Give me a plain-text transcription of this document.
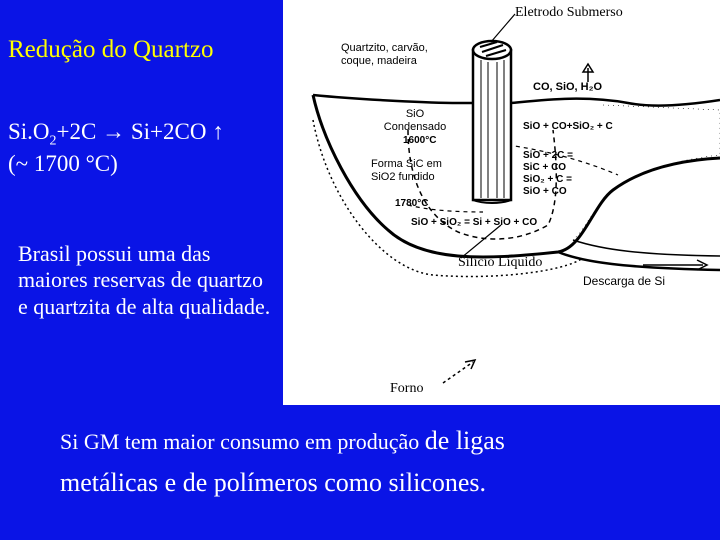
Redução do Quartzo
$Si.O_2+2C \to Si+2CO$ ↑
(~ 1700 °C)
Brasil possui uma das maiores reservas de quartzo e quartzita de alta qualidade.
Eletrodo Submerso
Quartzito, carvão,
coque, madeira
CO, SiO, H₂O
SiO
Condensado
1600°C
SiO + CO+SiO₂ + C
Forma SiC em
SiO2 fundido
SiO + 2C =
SiC + CO
SiO₂ + C =
SiO + CO
1780°C
SiO + SiO₂ = Si + SiO + CO
Silício Líquido
Descarga de Si
Forno
Si GM tem maior consumo em produção de ligas
metálicas e de polímeros como silicones.
